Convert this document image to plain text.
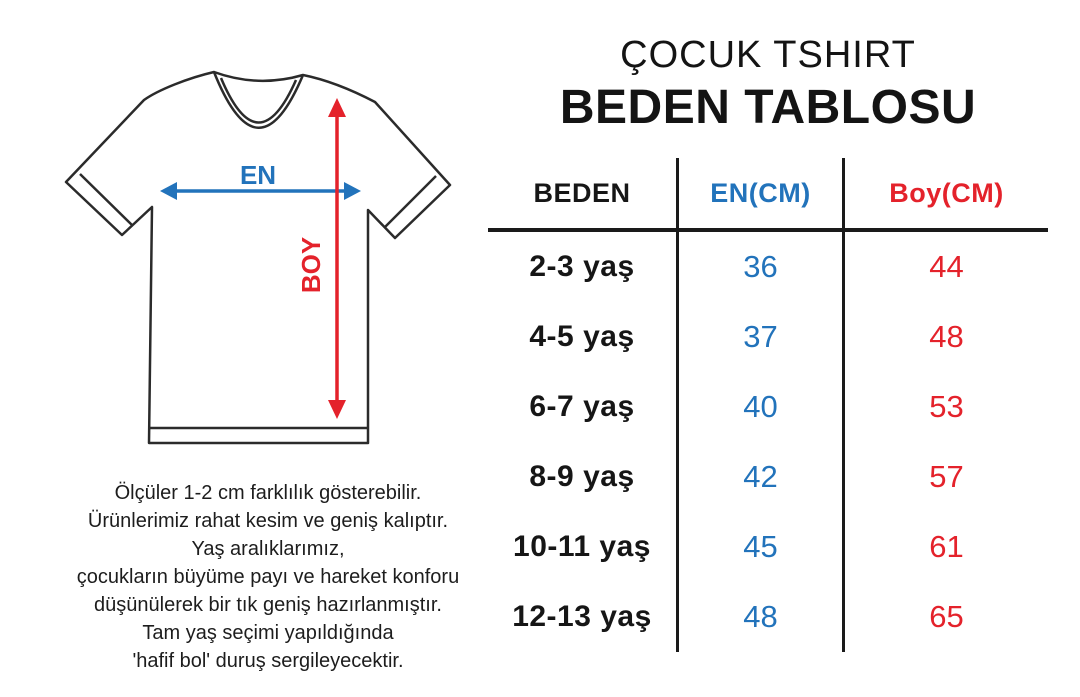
EN
BOY
Ölçüler 1-2 cm farklılık gösterebilir.
Ürünlerimiz rahat kesim ve geniş kalıptır.
Yaş aralıklarımız,
çocukların büyüme payı ve hareket konforu
düşünülerek bir tık geniş hazırlanmıştır.
Tam yaş seçimi yapıldığında
'hafif bol' duruş sergileyecektir.
ÇOCUK TSHIRT
BEDEN TABLOSU
BEDEN	EN(CM)	Boy(CM)
2-3 yaş	36	44
4-5 yaş	37	48
6-7 yaş	40	53
8-9 yaş	42	57
10-11 yaş	45	61
12-13 yaş	48	65
